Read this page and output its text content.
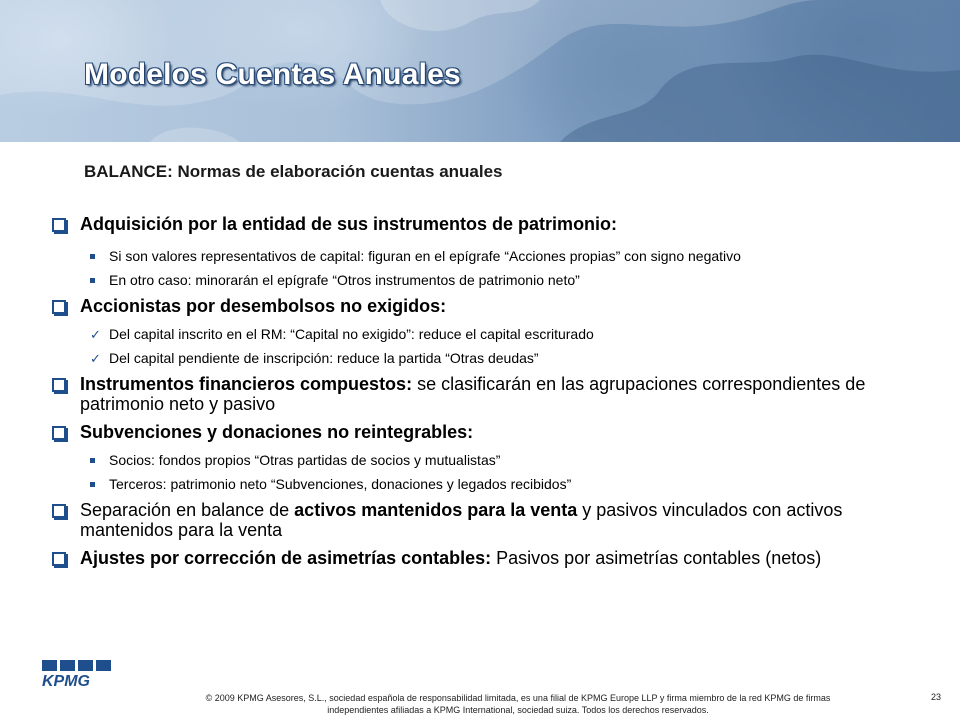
Modelos Cuentas Anuales
BALANCE: Normas de elaboración cuentas anuales
Adquisición por la entidad de sus instrumentos de patrimonio:
Si son valores representativos de capital: figuran en el epígrafe “Acciones propias” con signo negativo
En otro caso: minorarán el epígrafe “Otros instrumentos de patrimonio neto”
Accionistas por desembolsos no exigidos:
✓ Del capital inscrito en el RM: “Capital no exigido”: reduce el capital escriturado
✓ Del capital pendiente de inscripción: reduce la partida “Otras deudas”
Instrumentos financieros compuestos: se clasificarán en las agrupaciones correspondientes de patrimonio neto y pasivo
Subvenciones y donaciones no reintegrables:
Socios: fondos propios “Otras partidas de socios y mutualistas”
Terceros: patrimonio neto “Subvenciones, donaciones y legados recibidos”
Separación en balance de activos mantenidos para la venta y pasivos vinculados con activos mantenidos para la venta
Ajustes por corrección de asimetrías contables: Pasivos por asimetrías contables (netos)
KPMG
© 2009 KPMG Asesores, S.L., sociedad española de responsabilidad limitada, es una filial de KPMG Europe LLP y firma miembro de la red KPMG de firmas
independientes afiliadas a KPMG International, sociedad suiza. Todos los derechos reservados.
23
